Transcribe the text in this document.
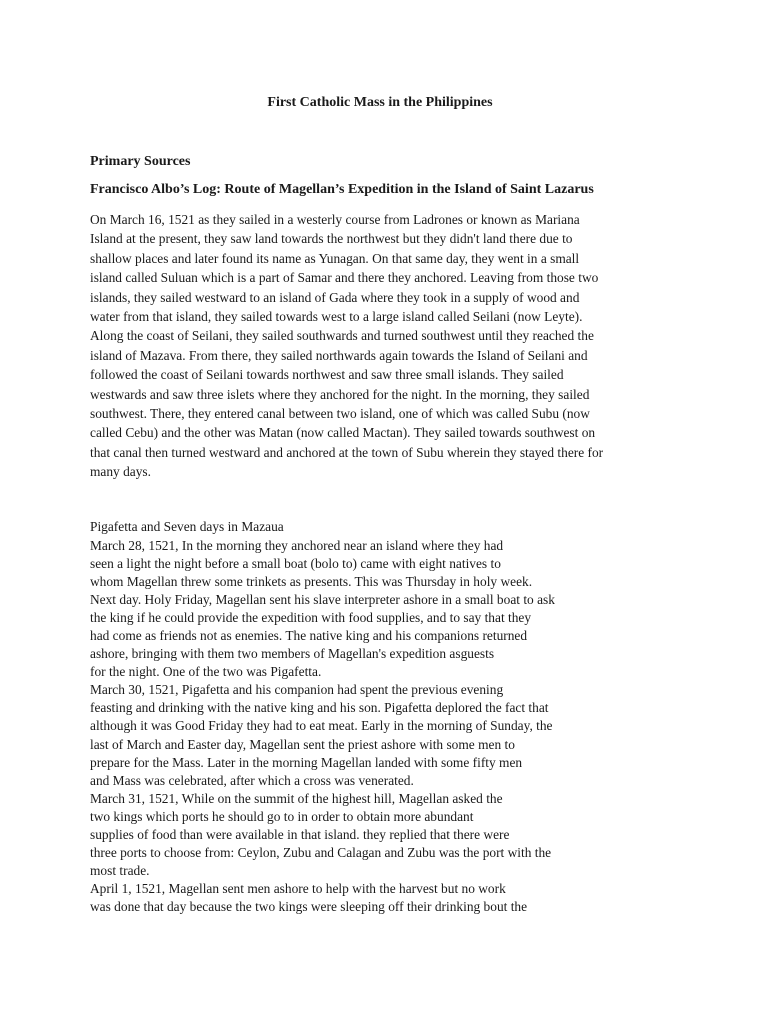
First Catholic Mass in the Philippines
Primary Sources
Francisco Albo’s Log: Route of Magellan’s Expedition in the Island of Saint Lazarus

On March 16, 1521 as they sailed in a westerly course from Ladrones or known as Mariana
Island at the present, they saw land towards the northwest but they didn't land there due to
shallow places and later found its name as Yunagan. On that same day, they went in a small
island called Suluan which is a part of Samar and there they anchored. Leaving from those two
islands, they sailed westward to an island of Gada where they took in a supply of wood and
water from that island, they sailed towards west to a large island called Seilani (now Leyte).
Along the coast of Seilani, they sailed southwards and turned southwest until they reached the
island of Mazava. From there, they sailed northwards again towards the Island of Seilani and
followed the coast of Seilani towards northwest and saw three small islands. They sailed
westwards and saw three islets where they anchored for the night. In the morning, they sailed
southwest. There, they entered canal between two island, one of which was called Subu (now
called Cebu) and the other was Matan (now called Mactan). They sailed towards southwest on
that canal then turned westward and anchored at the town of Subu wherein they stayed there for
many days.

Pigafetta and Seven days in Mazaua

March 28, 1521, In the morning they anchored near an island where they had
seen a light the night before a small boat (bolo to) came with eight natives to
whom Magellan threw some trinkets as presents. This was Thursday in holy week.
Next day. Holy Friday, Magellan sent his slave interpreter ashore in a small boat to ask
the king if he could provide the expedition with food supplies, and to say that they
had come as friends not as enemies. The native king and his companions returned
ashore, bringing with them two members of Magellan's expedition asguests
for the night. One of the two was Pigafetta.
March 30, 1521, Pigafetta and his companion had spent the previous evening
feasting and drinking with the native king and his son. Pigafetta deplored the fact that
although it was Good Friday they had to eat meat. Early in the morning of Sunday, the
last of March and Easter day, Magellan sent the priest ashore with some men to
prepare for the Mass. Later in the morning Magellan landed with some fifty men
and Mass was celebrated, after which a cross was venerated.
March 31, 1521, While on the summit of the highest hill, Magellan asked the
two kings which ports he should go to in order to obtain more abundant
supplies of food than were available in that island. they replied that there were
three ports to choose from: Ceylon, Zubu and Calagan and Zubu was the port with the
most trade.
April 1, 1521, Magellan sent men ashore to help with the harvest but no work
was done that day because the two kings were sleeping off their drinking bout the
